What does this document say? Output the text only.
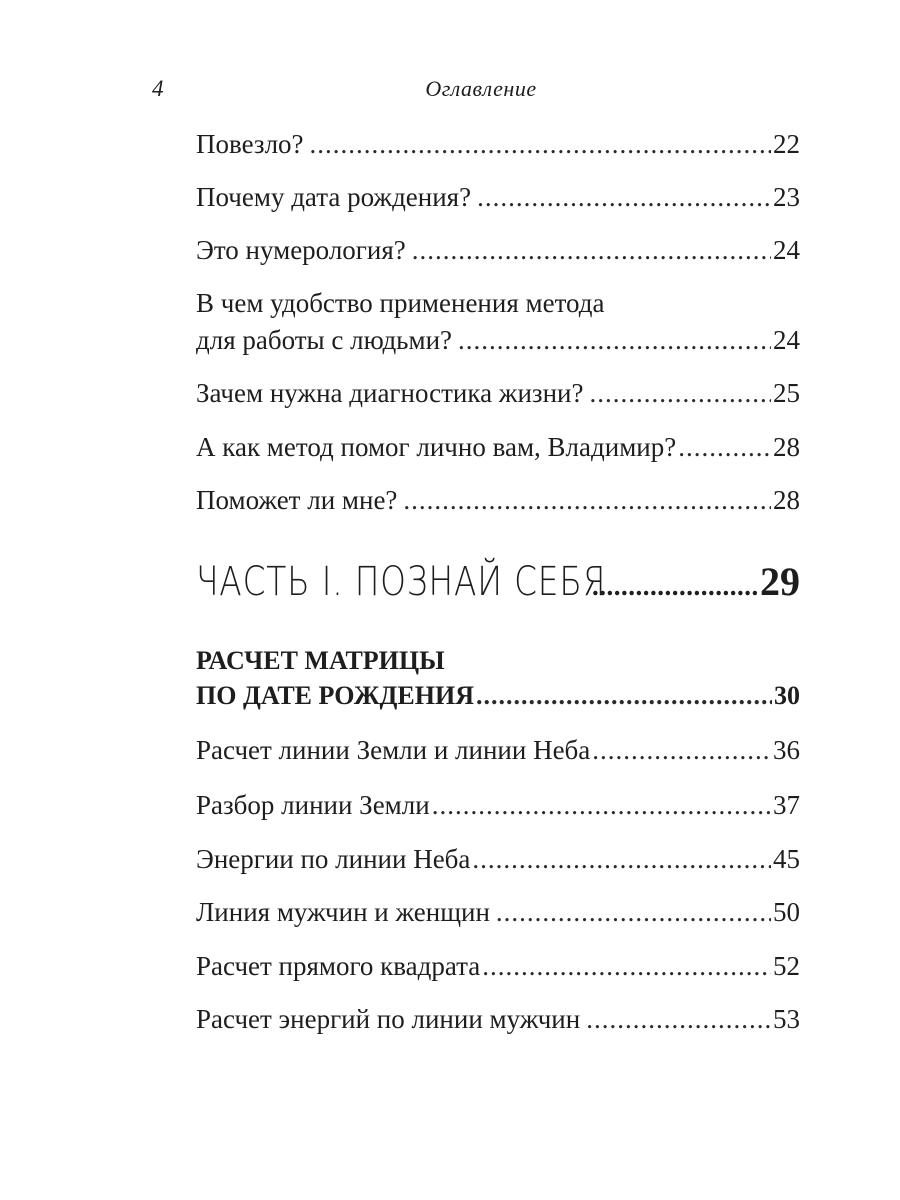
4	Оглавление
Повезло? .....	22
Почему дата рождения? .....	23
Это нумерология? .....	24
В чем удобство применения метода
для работы с людьми? .....	24
Зачем нужна диагностика жизни? .....	25
А как метод помог лично вам, Владимир? .....	28
Поможет ли мне? .....	28
ЧАСТЬ I. ПОЗНАЙ СЕБЯ .....	29
РАСЧЕТ МАТРИЦЫ
ПО ДАТЕ РОЖДЕНИЯ .....	30
Расчет линии Земли и линии Неба .....	36
Разбор линии Земли .....	37
Энергии по линии Неба .....	45
Линия мужчин и женщин .....	50
Расчет прямого квадрата .....	52
Расчет энергий по линии мужчин .....	53
